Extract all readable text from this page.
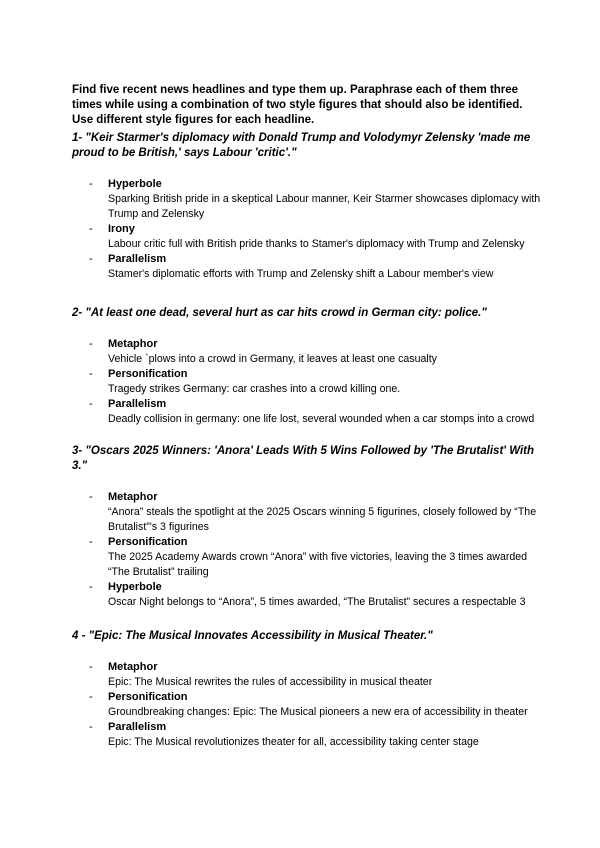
Find five recent news headlines and type them up. Paraphrase each of them three times while using a combination of two style figures that should also be identified. Use different style figures for each headline.

1- "Keir Starmer's diplomacy with Donald Trump and Volodymyr Zelensky 'made me proud to be British,' says Labour 'critic'."

- Hyperbole
Sparking British pride in a skeptical Labour manner, Keir Starmer showcases diplomacy with Trump and Zelensky
- Irony
Labour critic full with British pride thanks to Stamer's diplomacy with Trump and Zelensky
- Parallelism
Stamer's diplomatic efforts with Trump and Zelensky shift a Labour member's view

2- "At least one dead, several hurt as car hits crowd in German city: police."

- Metaphor
Vehicle `plows into a crowd in Germany, it leaves at least one casualty
- Personification
Tragedy strikes Germany: car crashes into a crowd killing one.
- Parallelism
Deadly collision in germany: one life lost, several wounded when a car stomps into a crowd

3- "Oscars 2025 Winners: 'Anora' Leads With 5 Wins Followed by 'The Brutalist' With 3."

- Metaphor
“Anora” steals the spotlight at the 2025 Oscars winning 5 figurines, closely followed by “The Brutalist”'s 3 figurines
- Personification
The 2025 Academy Awards crown “Anora” with five victories, leaving the 3 times awarded “The Brutalist” trailing
- Hyperbole
Oscar Night belongs to “Anora”, 5 times awarded, “The Brutalist” secures a respectable 3

4 - "Epic: The Musical Innovates Accessibility in Musical Theater."

- Metaphor
Epic: The Musical rewrites the rules of accessibility in musical theater
- Personification
Groundbreaking changes: Epic: The Musical pioneers a new era of accessibility in theater
- Parallelism
Epic: The Musical revolutionizes theater for all, accessibility taking center stage
